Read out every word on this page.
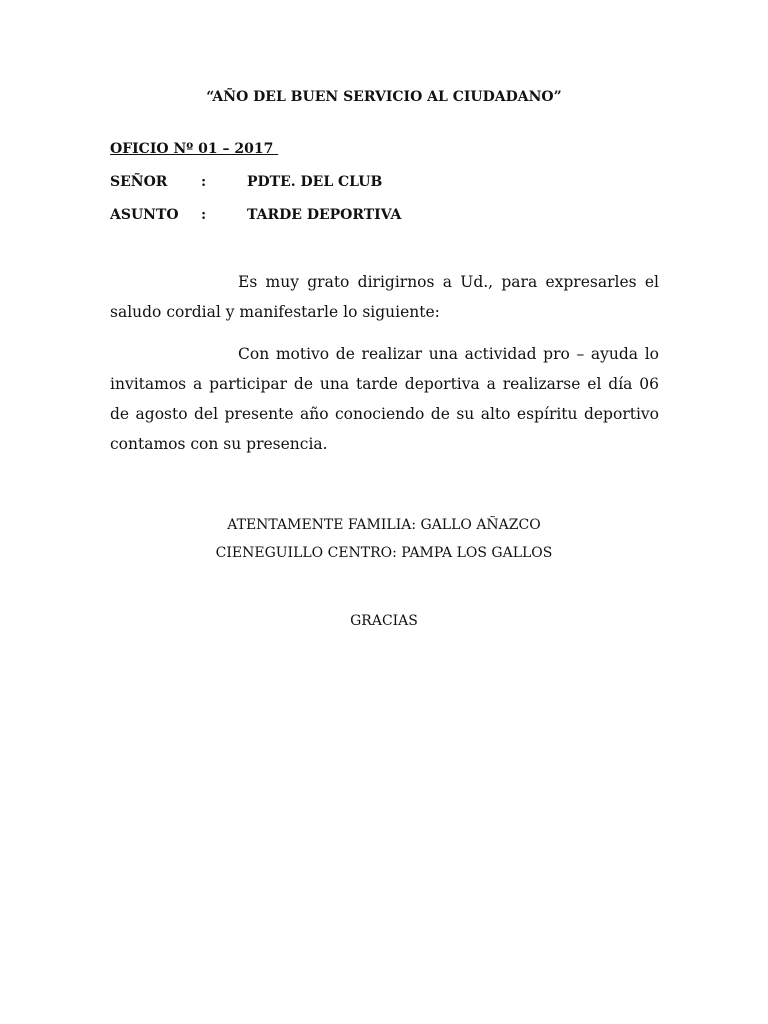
“AÑO DEL BUEN SERVICIO AL CIUDADANO”
OFICIO Nº 01 – 2017
SEÑOR :	PDTE. DEL CLUB
ASUNTO :	TARDE DEPORTIVA
Es muy grato dirigirnos a Ud., para expresarles el saludo cordial y manifestarle lo siguiente:
Con motivo de realizar una actividad pro – ayuda lo invitamos a participar de una tarde deportiva a realizarse el día 06 de agosto del presente año conociendo de su alto espíritu deportivo contamos con su presencia.
ATENTAMENTE FAMILIA: GALLO AÑAZCO
CIENEGUILLO CENTRO: PAMPA LOS GALLOS
GRACIAS
